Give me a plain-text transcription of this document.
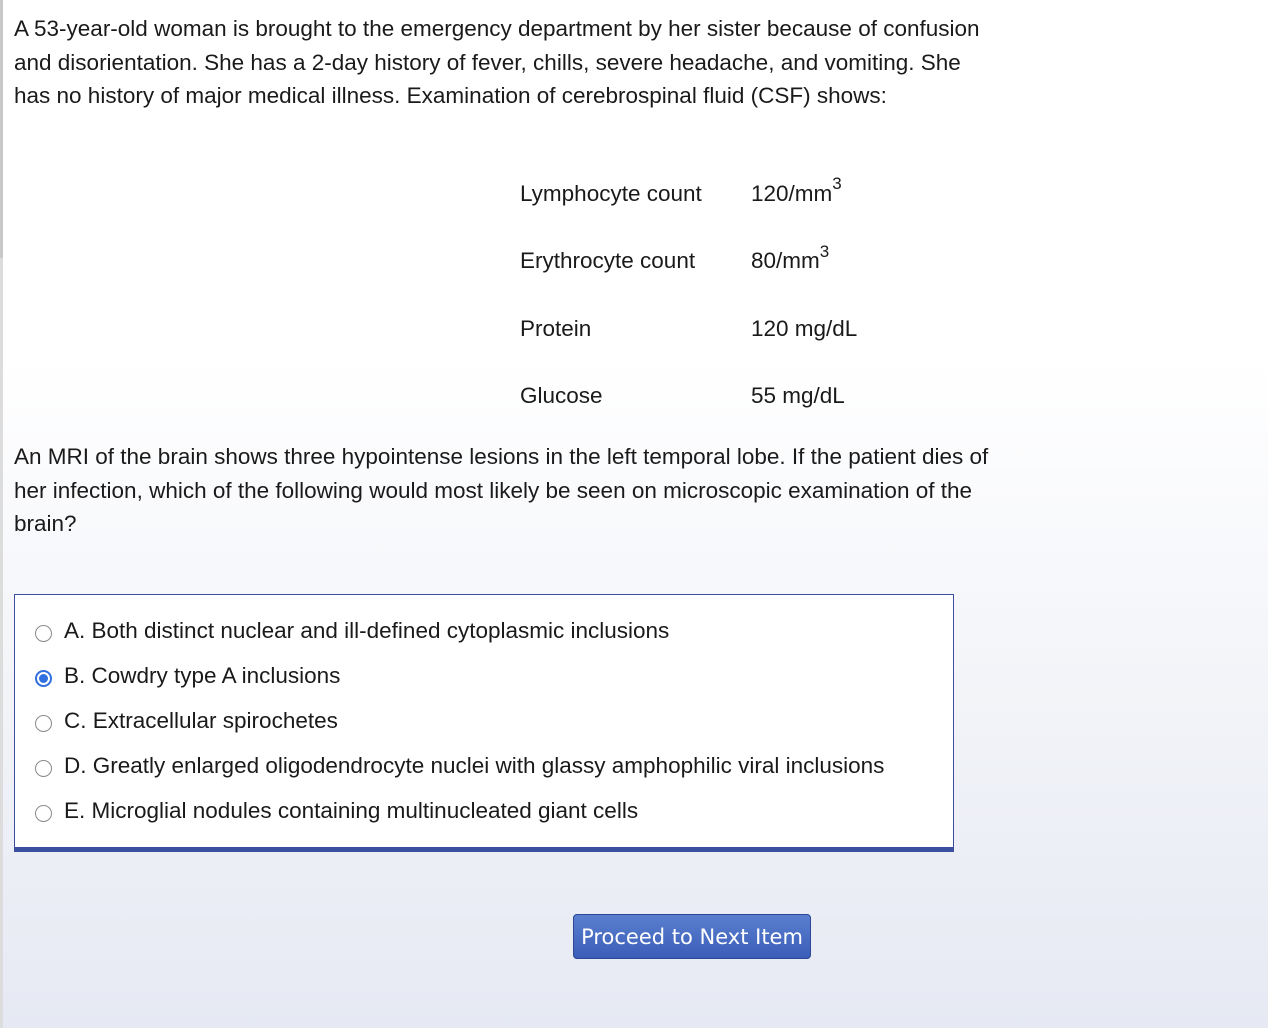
A 53-year-old woman is brought to the emergency department by her sister because of confusion and disorientation. She has a 2-day history of fever, chills, severe headache, and vomiting. She has no history of major medical illness. Examination of cerebrospinal fluid (CSF) shows:
Lymphocyte count	$120/mm^3$
Erythrocyte count	$80/mm^3$
Protein	120 mg/dL
Glucose	55 mg/dL
An MRI of the brain shows three hypointense lesions in the left temporal lobe. If the patient dies of her infection, which of the following would most likely be seen on microscopic examination of the brain?
A. Both distinct nuclear and ill-defined cytoplasmic inclusions
B. Cowdry type A inclusions
C. Extracellular spirochetes
D. Greatly enlarged oligodendrocyte nuclei with glassy amphophilic viral inclusions
E. Microglial nodules containing multinucleated giant cells
Proceed to Next Item
